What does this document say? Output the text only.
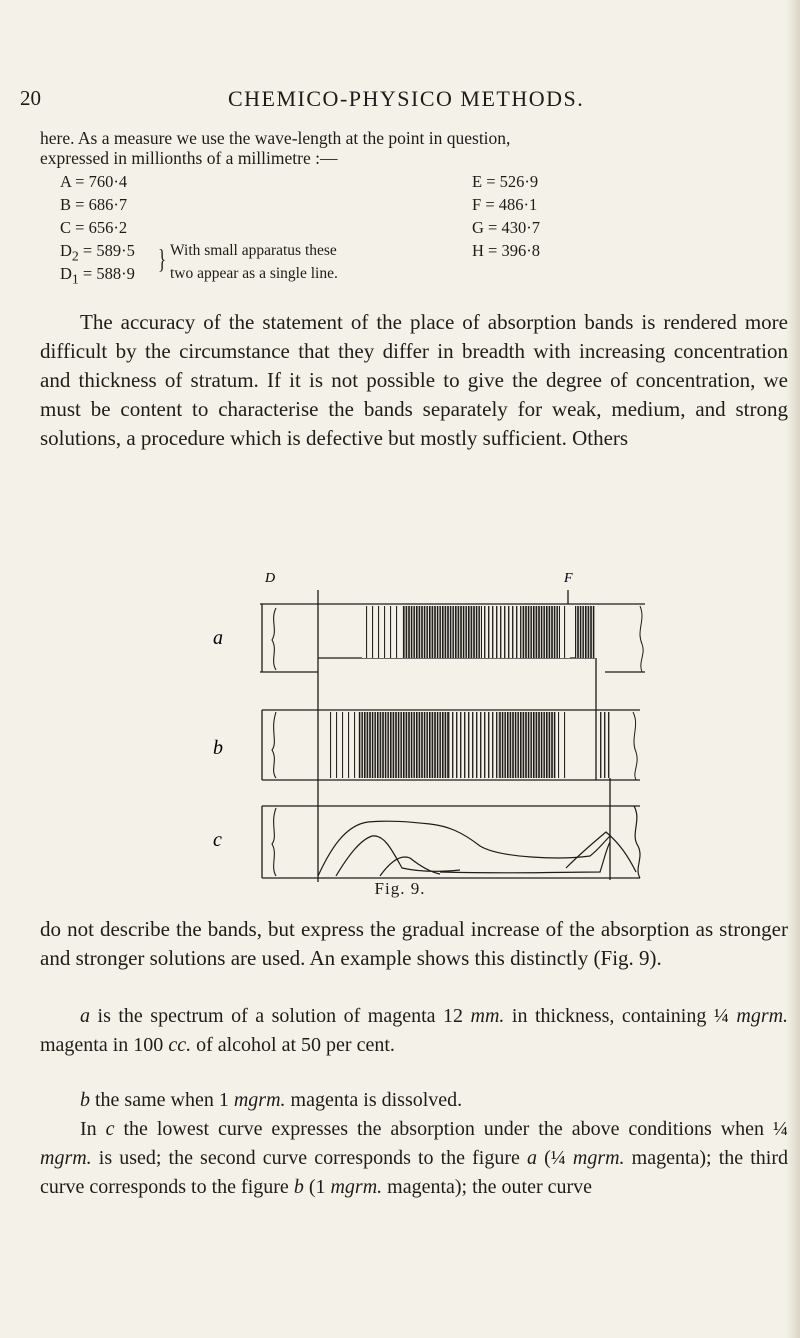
20	CHEMICO-PHYSICO METHODS.
here. As a measure we use the wave-length at the point in question,
expressed in millionths of a millimetre :—
A = 760·4
B = 686·7
C = 656·2
$D_2 = 589\cdot 5$
$D_1 = 588\cdot 9$ } With small apparatus these
two appear as a single line.
E = 526·9
F = 486·1
G = 430·7
H = 396·8
The accuracy of the statement of the place of absorption bands is rendered more difficult by the circumstance that they differ in breadth with increasing concentration and thickness of stratum. If it is not possible to give the degree of concentration, we must be content to characterise the bands separately for weak, medium, and strong solutions, a procedure which is defective but mostly sufficient. Others
D	F
a
b
c
Fig. 9.
do not describe the bands, but express the gradual increase of the absorption as stronger and stronger solutions are used. An example shows this distinctly (Fig. 9).

a is the spectrum of a solution of magenta 12 mm. in thickness, containing ¼ mgrm. magenta in 100 cc. of alcohol at 50 per cent.

b the same when 1 mgrm. magenta is dissolved.

In c the lowest curve expresses the absorption under the above conditions when ¼ mgrm. is used; the second curve corresponds to the figure a (¼ mgrm. magenta); the third curve corresponds to the figure b (1 mgrm. magenta); the outer curve
